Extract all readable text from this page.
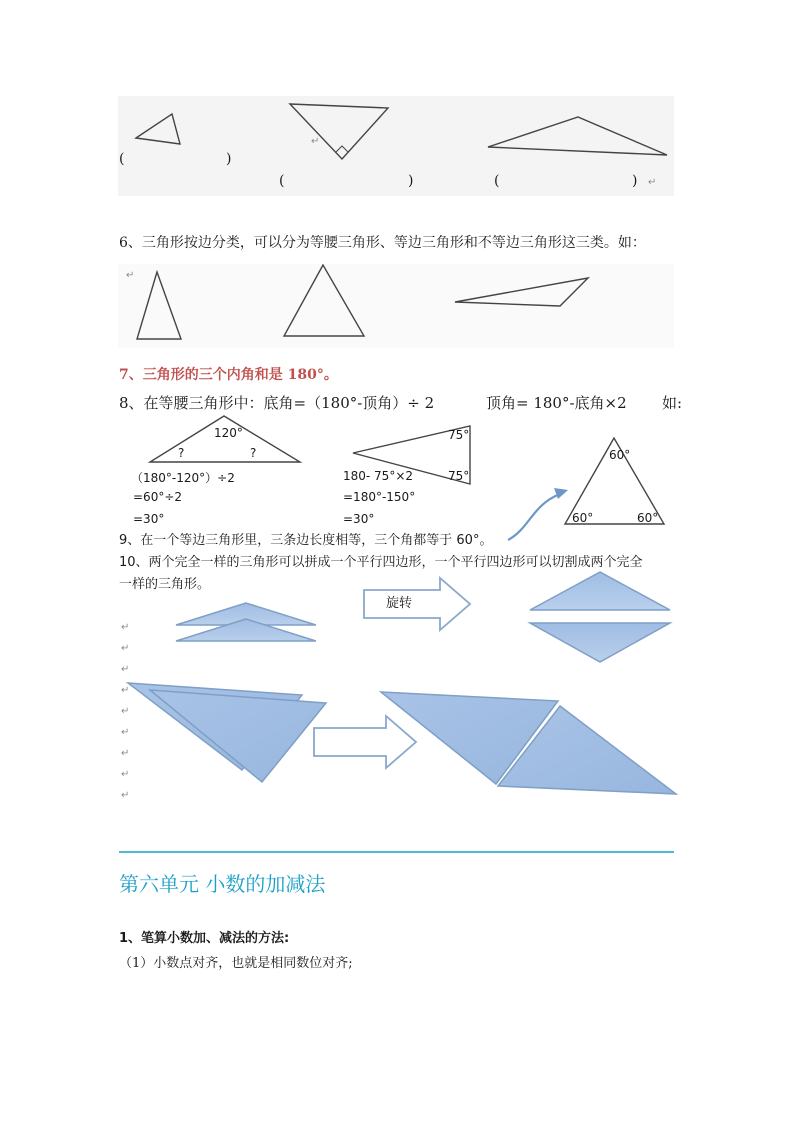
(	)
(	)	(	) ↵
↵
6、三角形按边分类，可以分为等腰三角形、等边三角形和不等边三角形这三类。如：
↵
7、三角形的三个内角和是 180°。
8、在等腰三角形中：底角=（180°-顶角）÷ 2	顶角= 180°-底角×2 如:
120°
?	?
（180°-120°）÷2
=60°÷2
=30°
75°
75°
180- 75°×2
=180°-150°
=30°
60°
60°	60°
9、在一个等边三角形里，三条边长度相等，三个角都等于 60°。
10、两个完全一样的三角形可以拼成一个平行四边形，一个平行四边形可以切割成两个完全
一样的三角形。
旋转
↵
↵
↵
↵
↵
↵
↵
↵
↵
第六单元 小数的加减法
1、笔算小数加、减法的方法:
（1）小数点对齐，也就是相同数位对齐;
